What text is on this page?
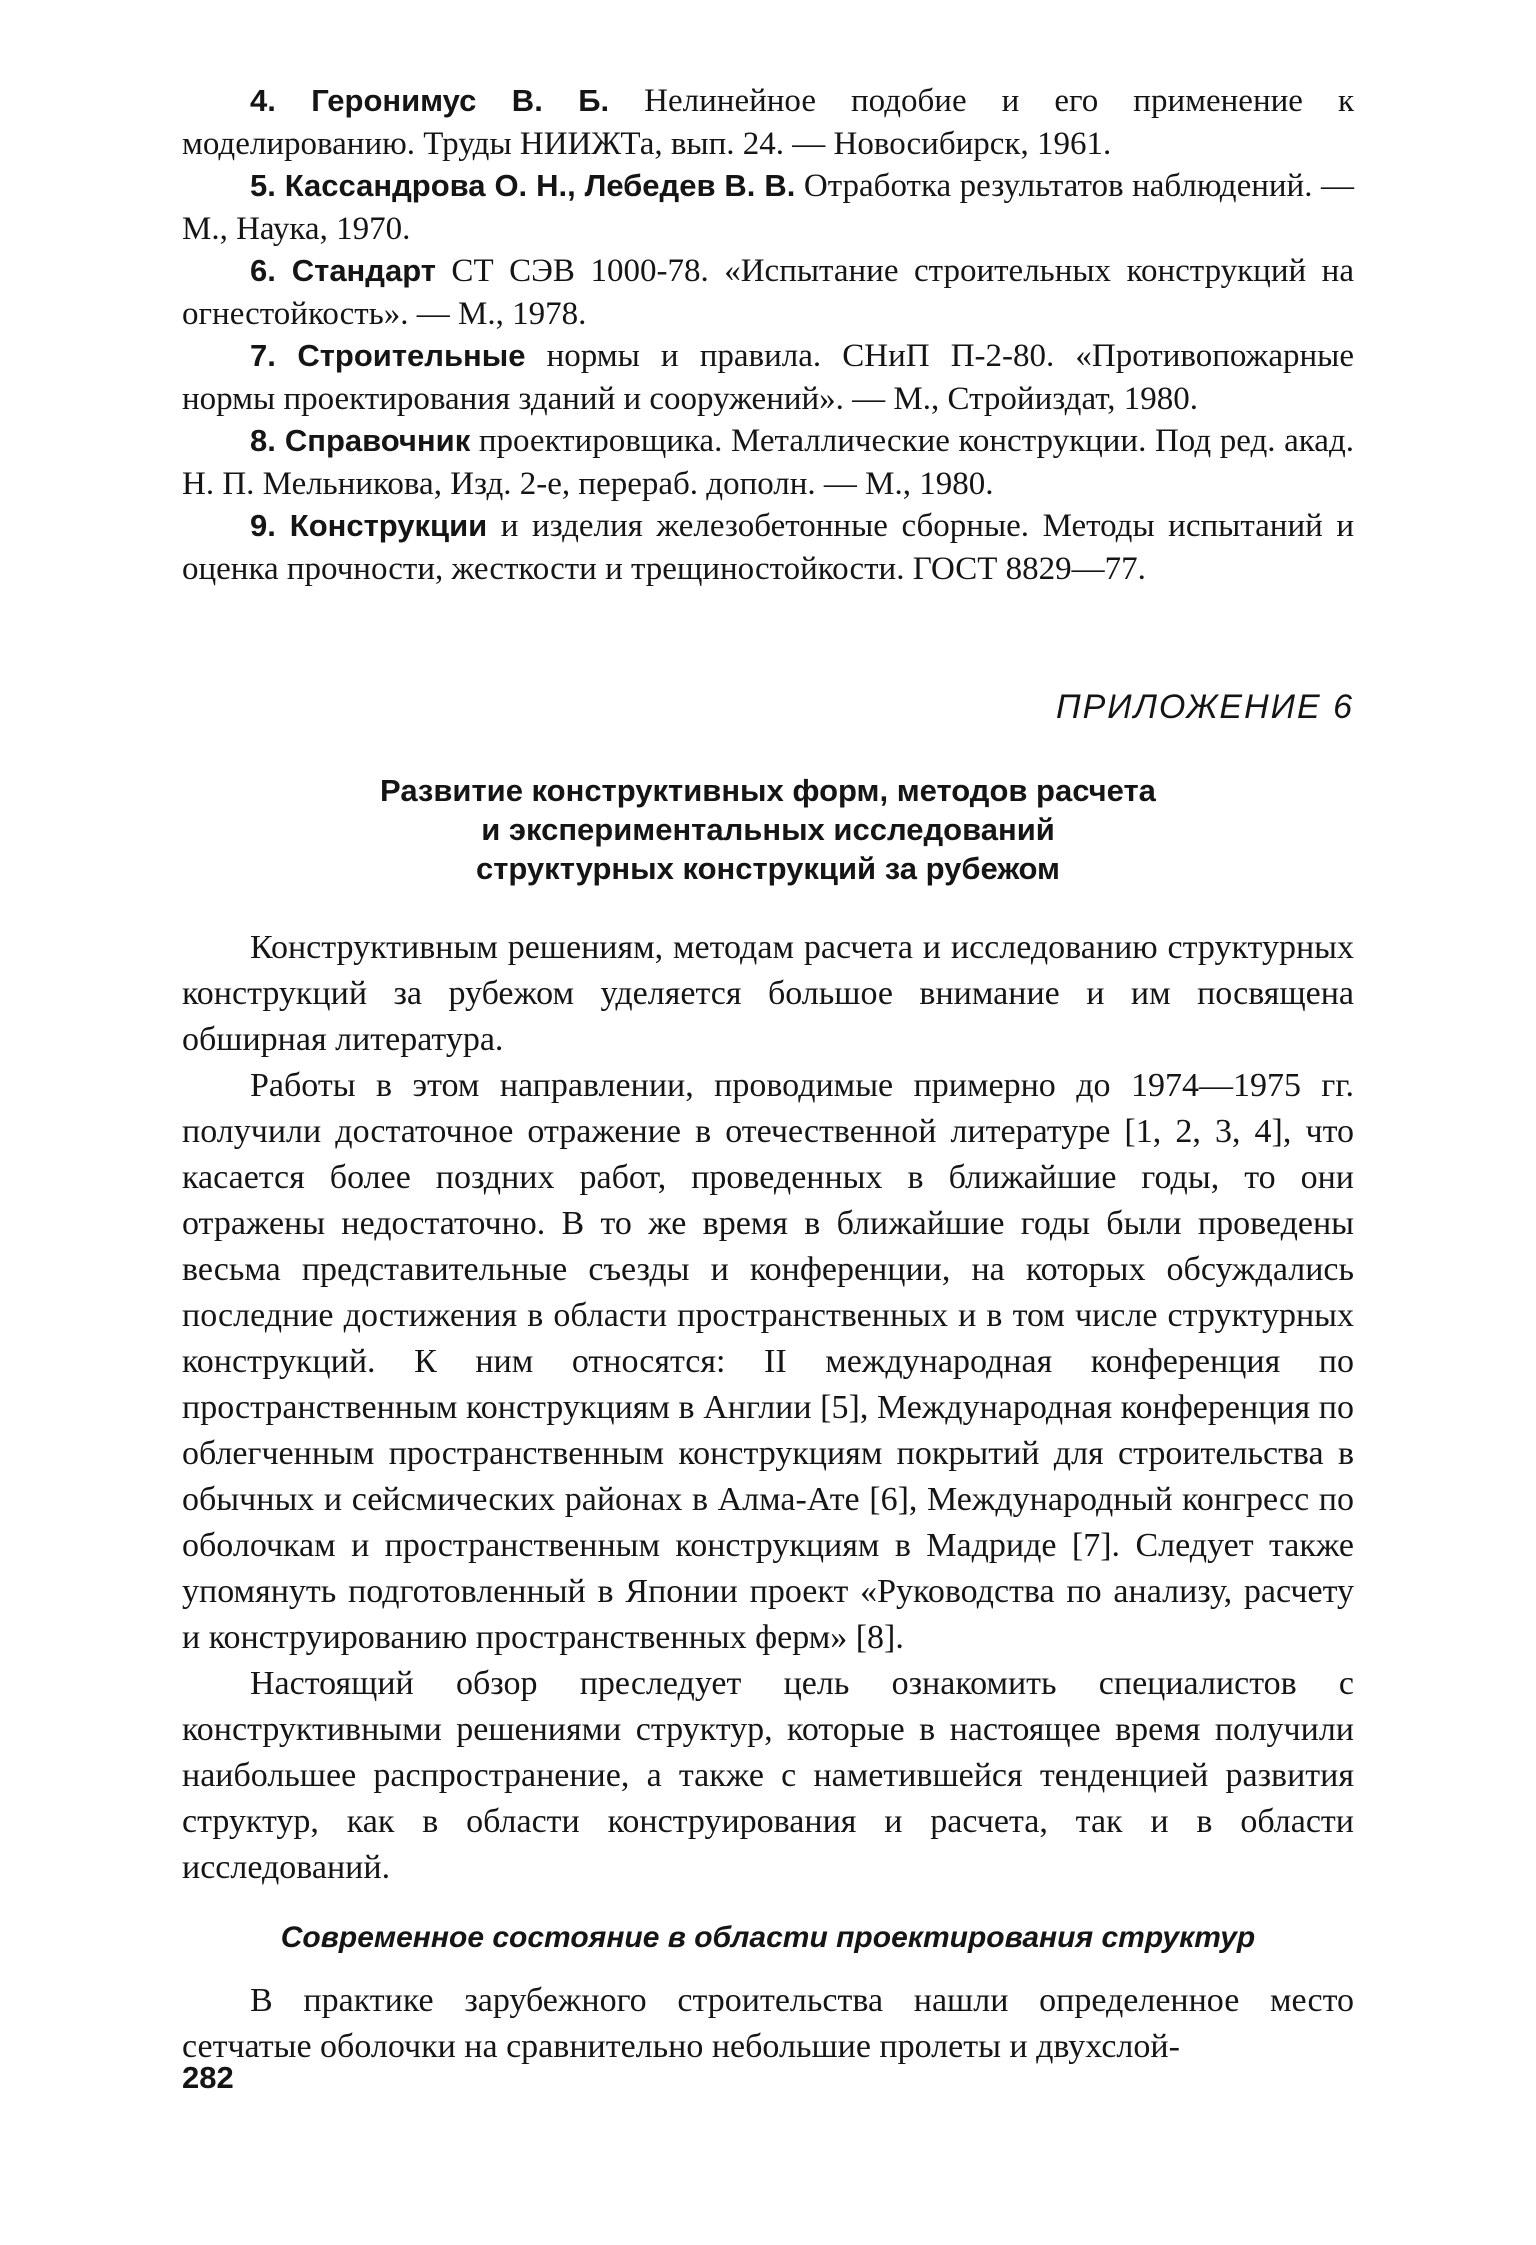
4. Геронимус В. Б. Нелинейное подобие и его применение к моделированию. Труды НИИЖТа, вып. 24. — Новосибирск, 1961.

5. Кассандрова О. Н., Лебедев В. В. Отработка результатов наблюдений. — М., Наука, 1970.

6. Стандарт СТ СЭВ 1000-78. «Испытание строительных конструкций на огнестойкость». — М., 1978.

7. Строительные нормы и правила. СНиП П-2-80. «Противопожарные нормы проектирования зданий и сооружений». — М., Стройиздат, 1980.

8. Справочник проектировщика. Металлические конструкции. Под ред. акад. Н. П. Мельникова, Изд. 2-е, перераб. дополн. — М., 1980.

9. Конструкции и изделия железобетонные сборные. Методы испытаний и оценка прочности, жесткости и трещиностойкости. ГОСТ 8829—77.

ПРИЛОЖЕНИЕ 6
Развитие конструктивных форм, методов расчета
и экспериментальных исследований
структурных конструкций за рубежом

Конструктивным решениям, методам расчета и исследованию структурных конструкций за рубежом уделяется большое внимание и им посвящена обширная литература.

Работы в этом направлении, проводимые примерно до 1974—1975 гг. получили достаточное отражение в отечественной литературе [1, 2, 3, 4], что касается более поздних работ, проведенных в ближайшие годы, то они отражены недостаточно. В то же время в ближайшие годы были проведены весьма представительные съезды и конференции, на которых обсуждались последние достижения в области пространственных и в том числе структурных конструкций. К ним относятся: II международная конференция по пространственным конструкциям в Англии [5], Международная конференция по облегченным пространственным конструкциям покрытий для строительства в обычных и сейсмических районах в Алма-Ате [6], Международный конгресс по оболочкам и пространственным конструкциям в Мадриде [7]. Следует также упомянуть подготовленный в Японии проект «Руководства по анализу, расчету и конструированию пространственных ферм» [8].

Настоящий обзор преследует цель ознакомить специалистов с конструктивными решениями структур, которые в настоящее время получили наибольшее распространение, а также с наметившейся тенденцией развития структур, как в области конструирования и расчета, так и в области исследований.

Современное состояние в области проектирования структур

В практике зарубежного строительства нашли определенное место сетчатые оболочки на сравнительно небольшие пролеты и двухслой-

282
